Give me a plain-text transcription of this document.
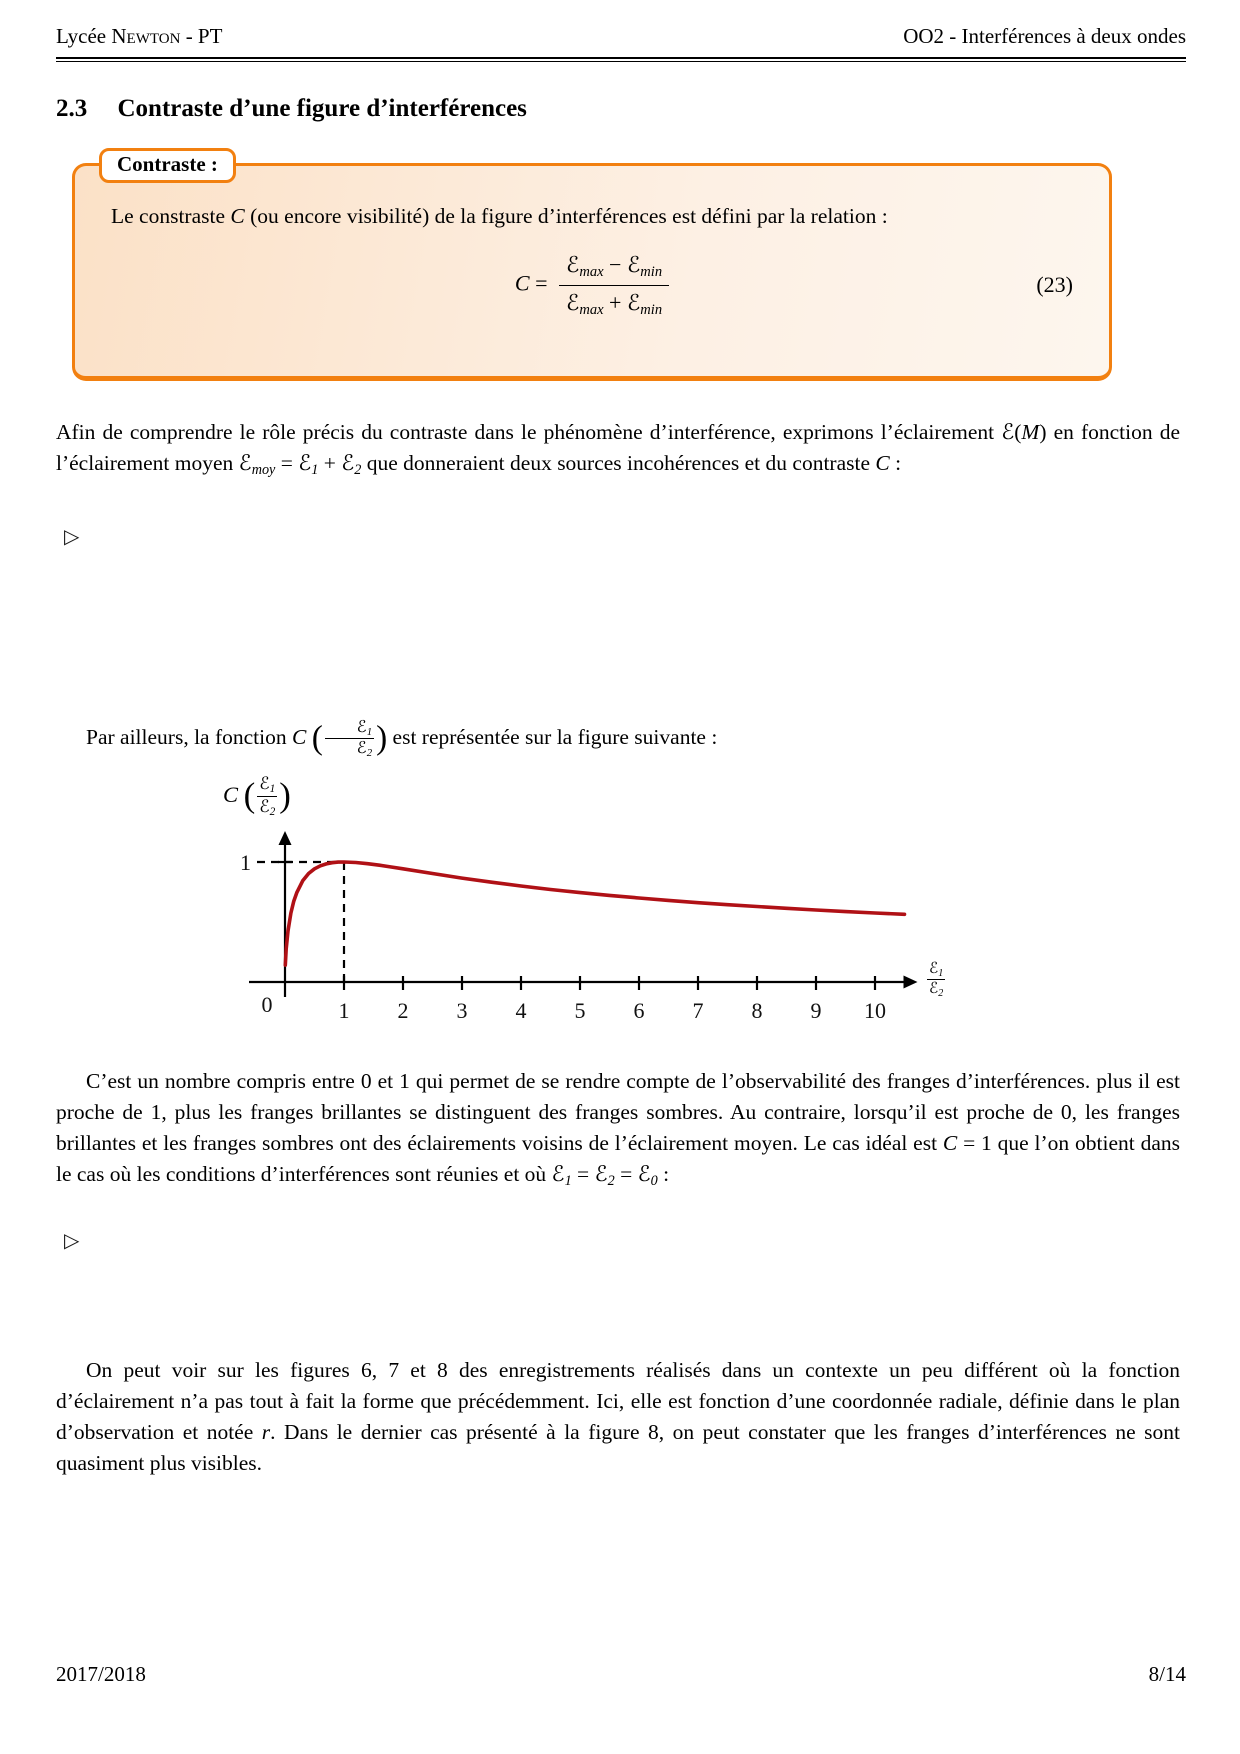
Lycée Newton - PT	OO2 - Interférences à deux ondes
2.3 Contraste d’une figure d’interférences
Contraste :

Le constraste C (ou encore visibilité) de la figure d’interférences est défini par la relation :

$C = \frac{\text{ℰmax − ℰmin}}{\text{ℰmax + ℰmin}}$	(23)

Afin de comprendre le rôle précis du contraste dans le phénomène d’interférence, exprimons l’éclairement ℰ(M) en fonction de l’éclairement moyen ℰmoy = ℰ1 + ℰ2 que donneraient deux sources incohérences et du contraste C :

▷

Par ailleurs, la fonction C ( $\frac{\text{ℰ1}}{\text{ℰ2}}$ ) est représentée sur la figure suivante :

1 2 3 4 5 6 7 8 9 10
0
1
C ( $\frac{\text{ℰ1}}{\text{ℰ2}}$ )
$\frac{\text{ℰ1}}{\text{ℰ2}}$

C’est un nombre compris entre 0 et 1 qui permet de se rendre compte de l’observabilité des franges d’interférences. plus il est proche de 1, plus les franges brillantes se distinguent des franges sombres. Au contraire, lorsqu’il est proche de 0, les franges brillantes et les franges sombres ont des éclairements voisins de l’éclairement moyen. Le cas idéal est C = 1 que l’on obtient dans le cas où les conditions d’interférences sont réunies et où ℰ1 = ℰ2 = ℰ0 :

▷

On peut voir sur les figures 6, 7 et 8 des enregistrements réalisés dans un contexte un peu différent où la fonction d’éclairement n’a pas tout à fait la forme que précédemment. Ici, elle est fonction d’une coordonnée radiale, définie dans le plan d’observation et notée r. Dans le dernier cas présenté à la figure 8, on peut constater que les franges d’interférences ne sont quasiment plus visibles.

2017/2018	8/14
